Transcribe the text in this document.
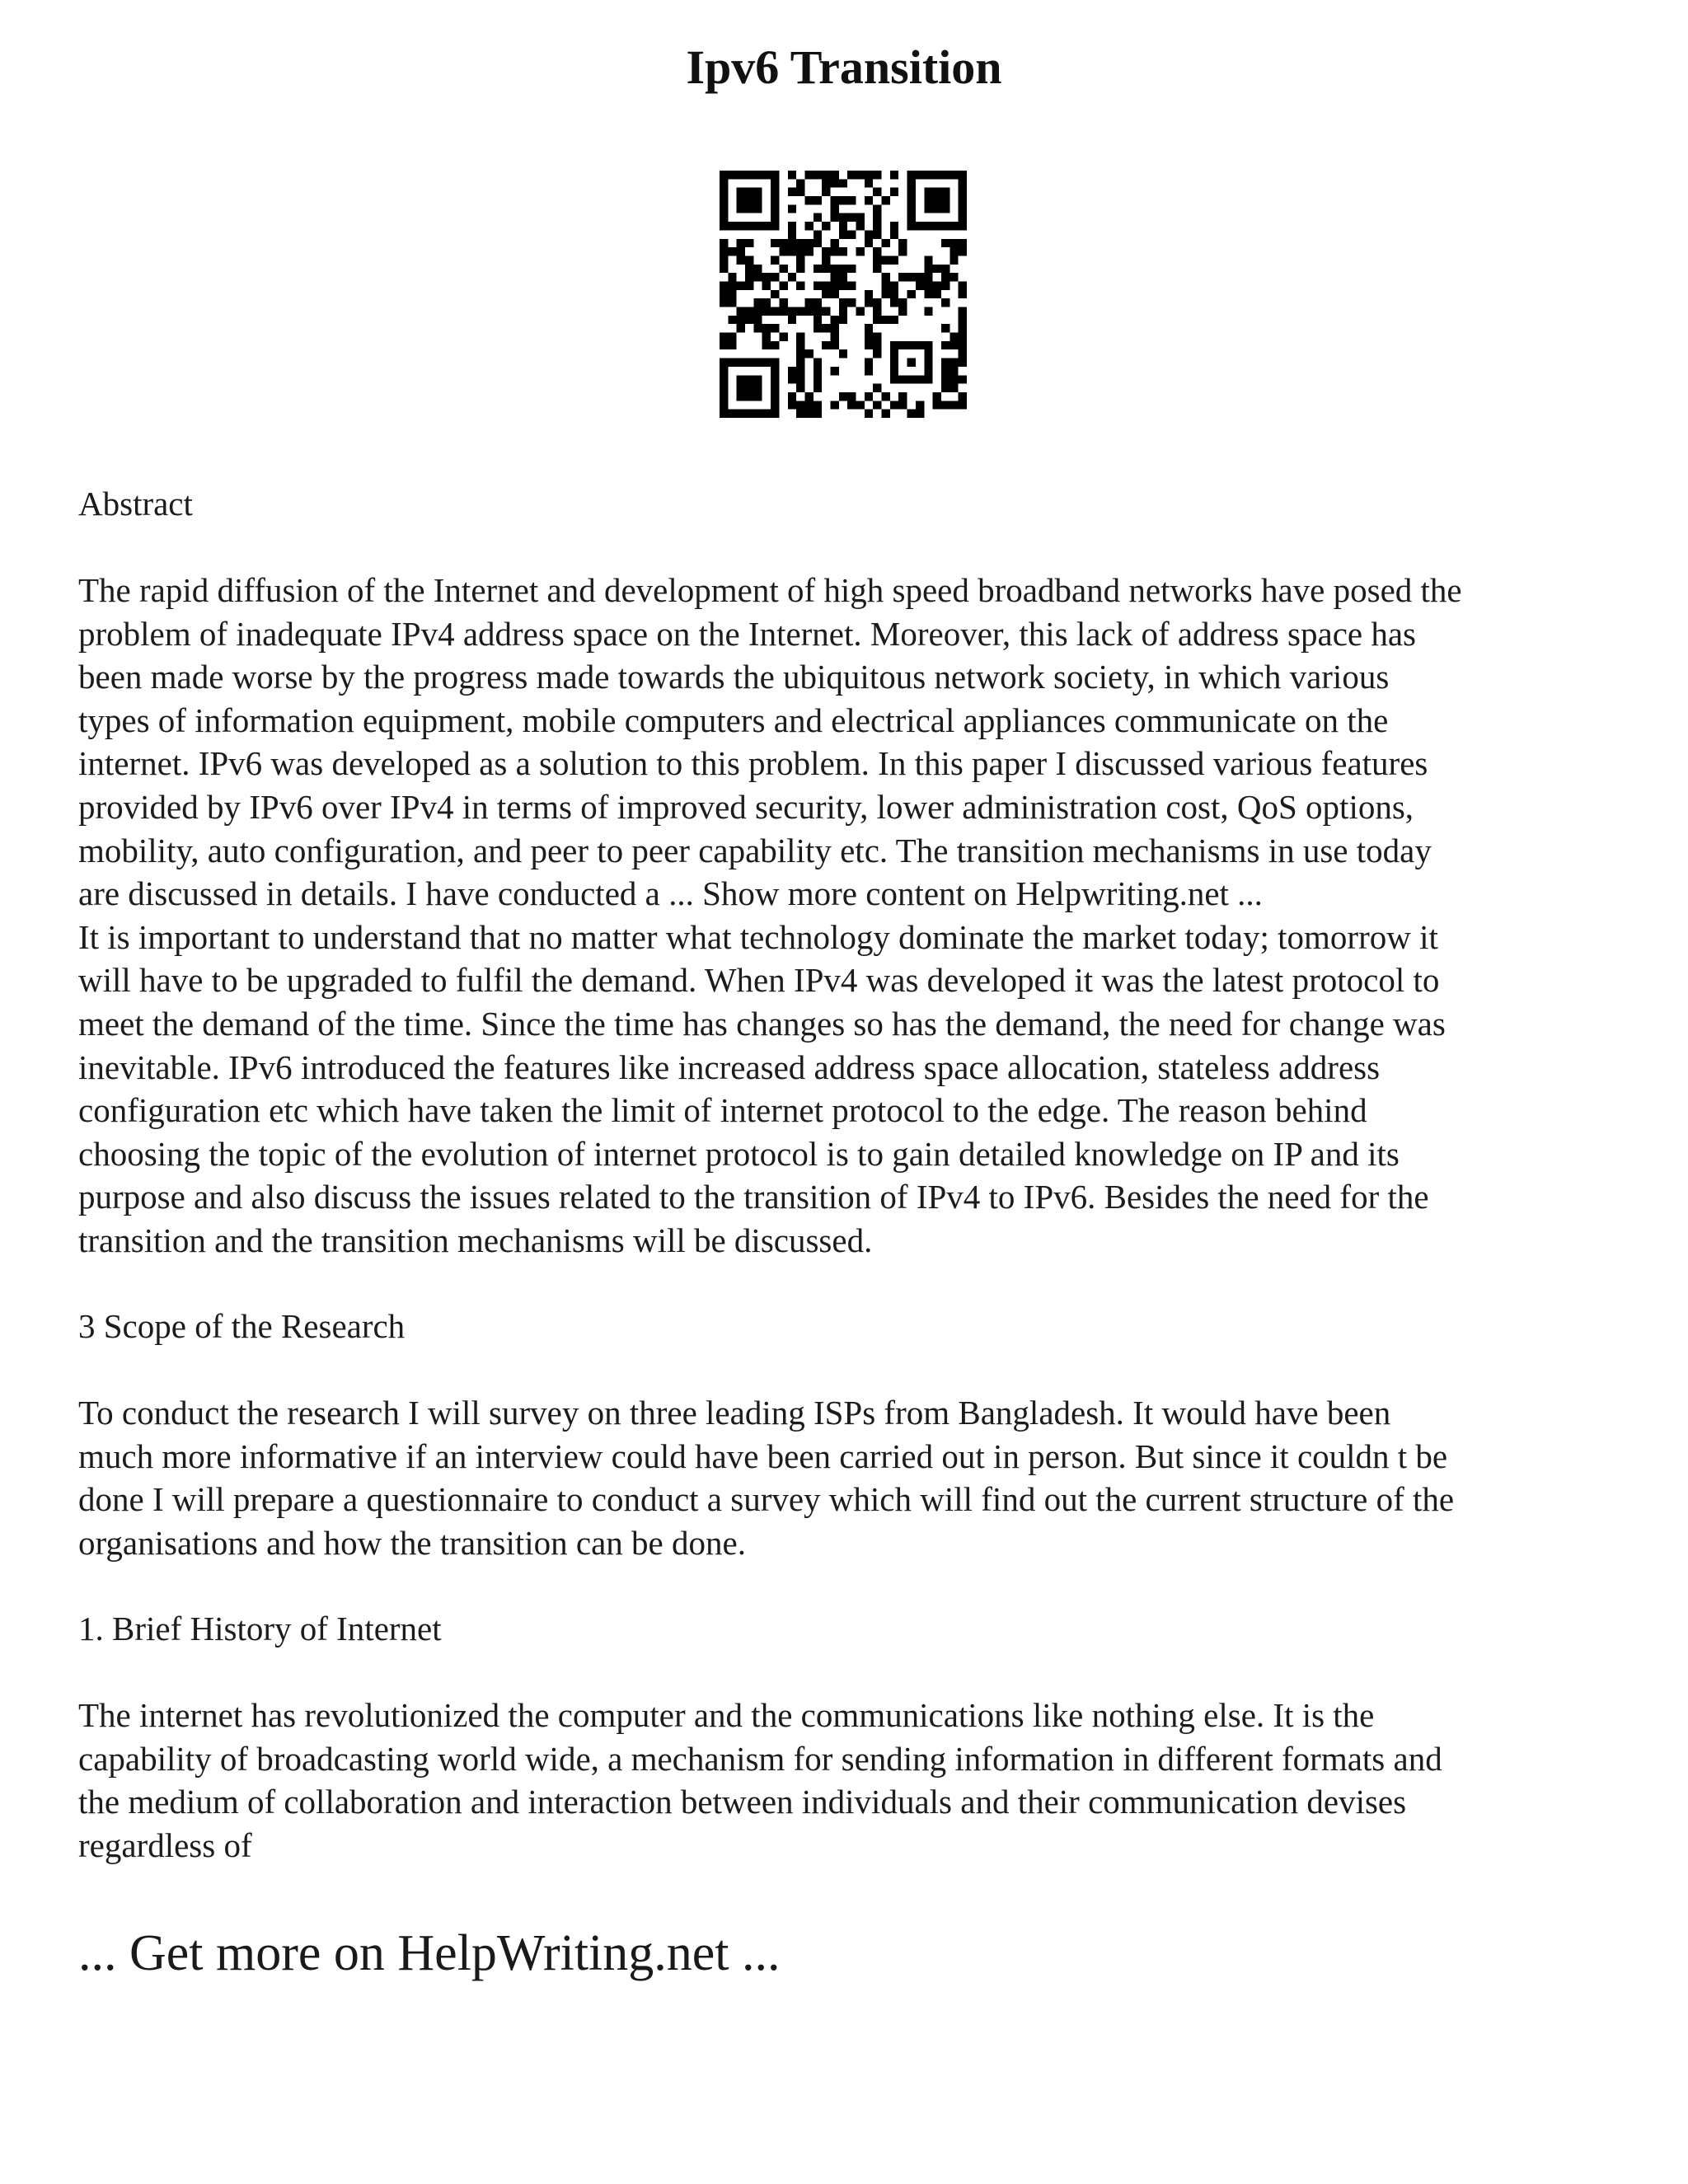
Ipv6 Transition
Abstract
The rapid diffusion of the Internet and development of high speed broadband networks have posed the
problem of inadequate IPv4 address space on the Internet. Moreover, this lack of address space has
been made worse by the progress made towards the ubiquitous network society, in which various
types of information equipment, mobile computers and electrical appliances communicate on the
internet. IPv6 was developed as a solution to this problem. In this paper I discussed various features
provided by IPv6 over IPv4 in terms of improved security, lower administration cost, QoS options,
mobility, auto configuration, and peer to peer capability etc. The transition mechanisms in use today
are discussed in details. I have conducted a ... Show more content on Helpwriting.net ...
It is important to understand that no matter what technology dominate the market today; tomorrow it
will have to be upgraded to fulfil the demand. When IPv4 was developed it was the latest protocol to
meet the demand of the time. Since the time has changes so has the demand, the need for change was
inevitable. IPv6 introduced the features like increased address space allocation, stateless address
configuration etc which have taken the limit of internet protocol to the edge. The reason behind
choosing the topic of the evolution of internet protocol is to gain detailed knowledge on IP and its
purpose and also discuss the issues related to the transition of IPv4 to IPv6. Besides the need for the
transition and the transition mechanisms will be discussed.
3 Scope of the Research
To conduct the research I will survey on three leading ISPs from Bangladesh. It would have been
much more informative if an interview could have been carried out in person. But since it couldn t be
done I will prepare a questionnaire to conduct a survey which will find out the current structure of the
organisations and how the transition can be done.
1. Brief History of Internet
The internet has revolutionized the computer and the communications like nothing else. It is the
capability of broadcasting world wide, a mechanism for sending information in different formats and
the medium of collaboration and interaction between individuals and their communication devises
regardless of
... Get more on HelpWriting.net ...
